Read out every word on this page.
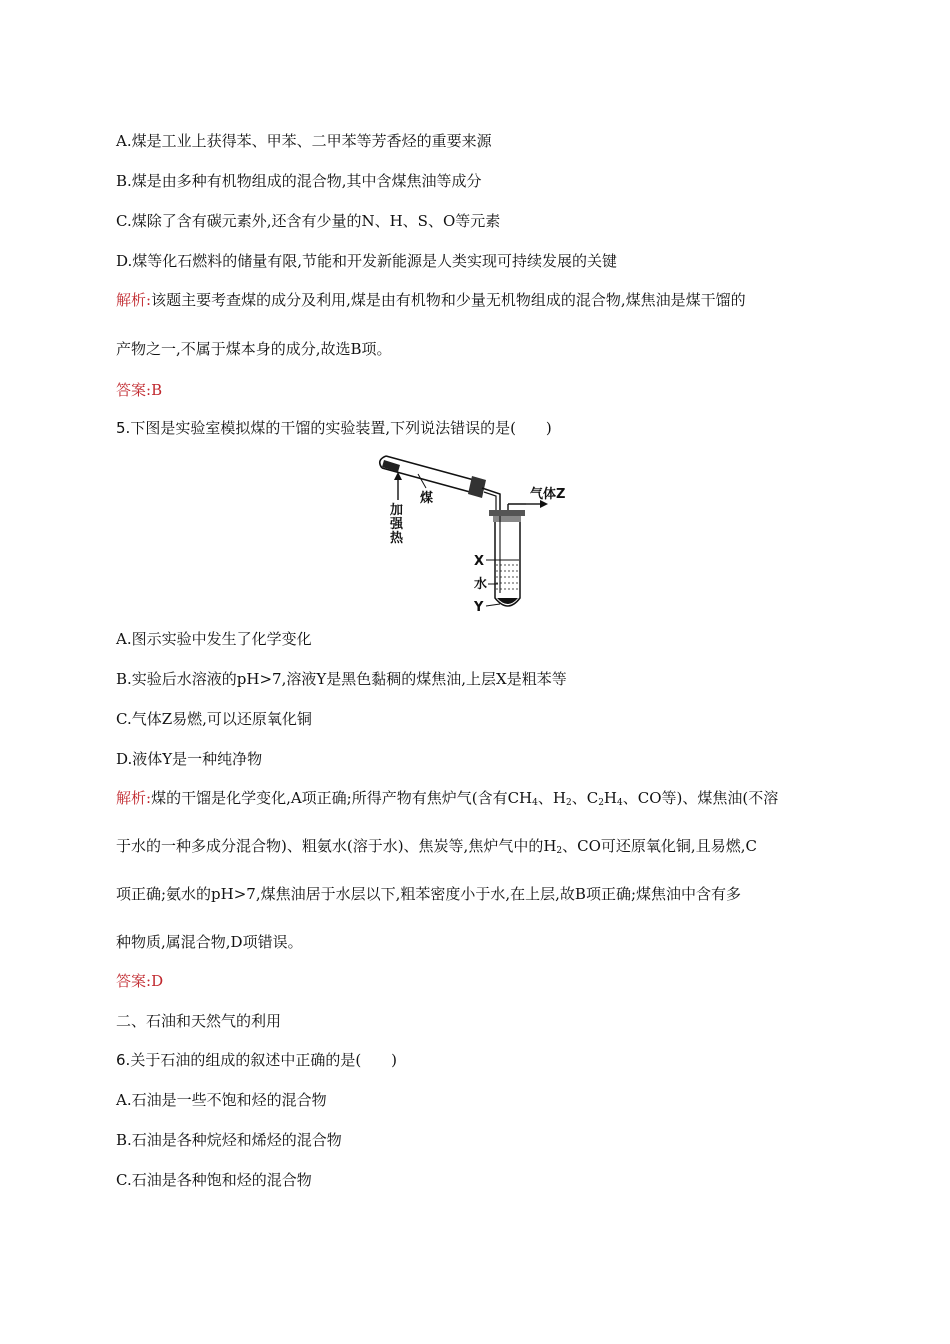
A.煤是工业上获得苯、甲苯、二甲苯等芳香烃的重要来源
B.煤是由多种有机物组成的混合物,其中含煤焦油等成分
C.煤除了含有碳元素外,还含有少量的N、H、S、O等元素
D.煤等化石燃料的储量有限,节能和开发新能源是人类实现可持续发展的关键
解析:该题主要考查煤的成分及利用,煤是由有机物和少量无机物组成的混合物,煤焦油是煤干馏的
产物之一,不属于煤本身的成分,故选B项。
答案:B
5.下图是实验室模拟煤的干馏的实验装置,下列说法错误的是(　　)
煤
加
强
热
气体Z
X
水
Y
A.图示实验中发生了化学变化
B.实验后水溶液的pH>7,溶液Y是黑色黏稠的煤焦油,上层X是粗苯等
C.气体Z易燃,可以还原氧化铜
D.液体Y是一种纯净物
解析:煤的干馏是化学变化,A项正确;所得产物有焦炉气(含有$CH_4$、$H_2$、$C_2H_4$、CO等)、煤焦油(不溶
于水的一种多成分混合物)、粗氨水(溶于水)、焦炭等,焦炉气中的$H_2$、CO可还原氧化铜,且易燃,C
项正确;氨水的pH>7,煤焦油居于水层以下,粗苯密度小于水,在上层,故B项正确;煤焦油中含有多
种物质,属混合物,D项错误。
答案:D
二、石油和天然气的利用
6.关于石油的组成的叙述中正确的是(　　)
A.石油是一些不饱和烃的混合物
B.石油是各种烷烃和烯烃的混合物
C.石油是各种饱和烃的混合物
